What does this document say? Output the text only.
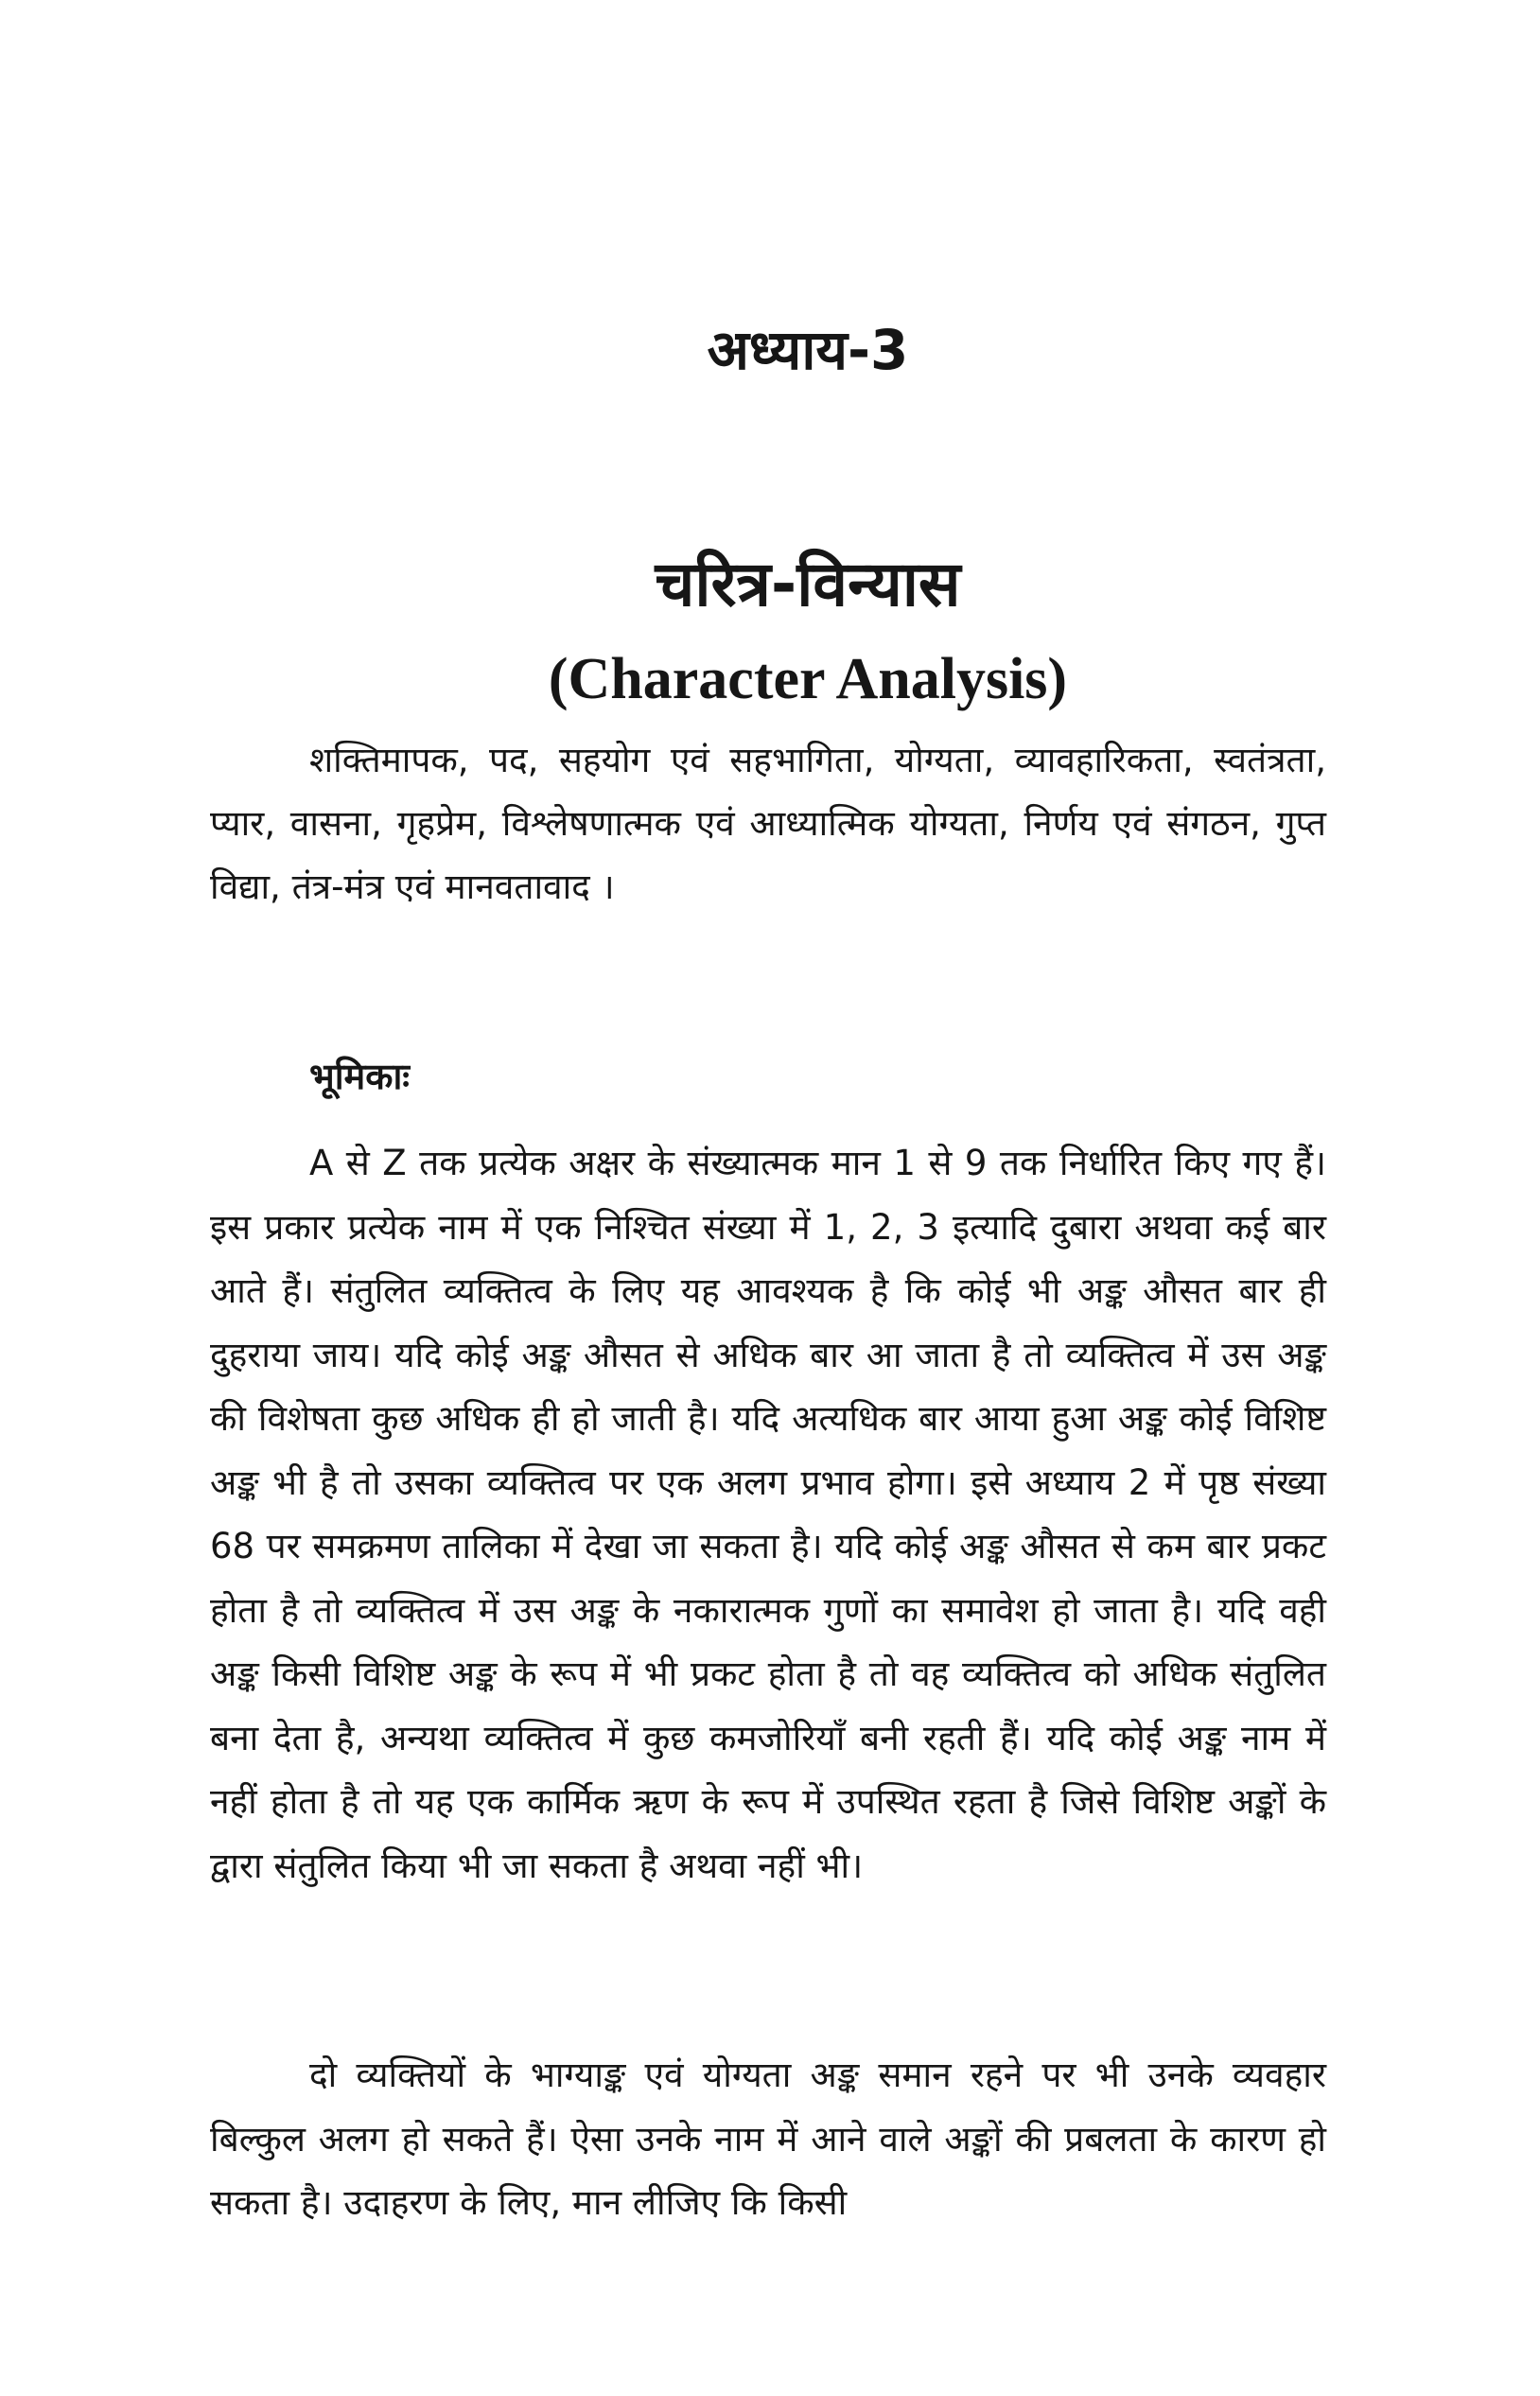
अध्याय-3
चरित्र-विन्यास
(Character Analysis)
शक्तिमापक, पद, सहयोग एवं सहभागिता, योग्यता, व्यावहारिकता, स्वतंत्रता, प्यार, वासना, गृहप्रेम, विश्लेषणात्मक एवं आध्यात्मिक योग्यता, निर्णय एवं संगठन, गुप्त विद्या, तंत्र-मंत्र एवं मानवतावाद ।
भूमिकाः

A से Z तक प्रत्येक अक्षर के संख्यात्मक मान 1 से 9 तक निर्धारित किए गए हैं। इस प्रकार प्रत्येक नाम में एक निश्चित संख्या में 1, 2, 3 इत्यादि दुबारा अथवा कई बार आते हैं। संतुलित व्यक्तित्व के लिए यह आवश्यक है कि कोई भी अङ्क औसत बार ही दुहराया जाय। यदि कोई अङ्क औसत से अधिक बार आ जाता है तो व्यक्तित्व में उस अङ्क की विशेषता कुछ अधिक ही हो जाती है। यदि अत्यधिक बार आया हुआ अङ्क कोई विशिष्ट अङ्क भी है तो उसका व्यक्तित्व पर एक अलग प्रभाव होगा। इसे अध्याय 2 में पृष्ठ संख्या 68 पर समक्रमण तालिका में देखा जा सकता है। यदि कोई अङ्क औसत से कम बार प्रकट होता है तो व्यक्तित्व में उस अङ्क के नकारात्मक गुणों का समावेश हो जाता है। यदि वही अङ्क किसी विशिष्ट अङ्क के रूप में भी प्रकट होता है तो वह व्यक्तित्व को अधिक संतुलित बना देता है, अन्यथा व्यक्तित्व में कुछ कमजोरियाँ बनी रहती हैं। यदि कोई अङ्क नाम में नहीं होता है तो यह एक कार्मिक ऋण के रूप में उपस्थित रहता है जिसे विशिष्ट अङ्कों के द्वारा संतुलित किया भी जा सकता है अथवा नहीं भी।

दो व्यक्तियों के भाग्याङ्क एवं योग्यता अङ्क समान रहने पर भी उनके व्यवहार बिल्कुल अलग हो सकते हैं। ऐसा उनके नाम में आने वाले अङ्कों की प्रबलता के कारण हो सकता है। उदाहरण के लिए, मान लीजिए कि किसी
